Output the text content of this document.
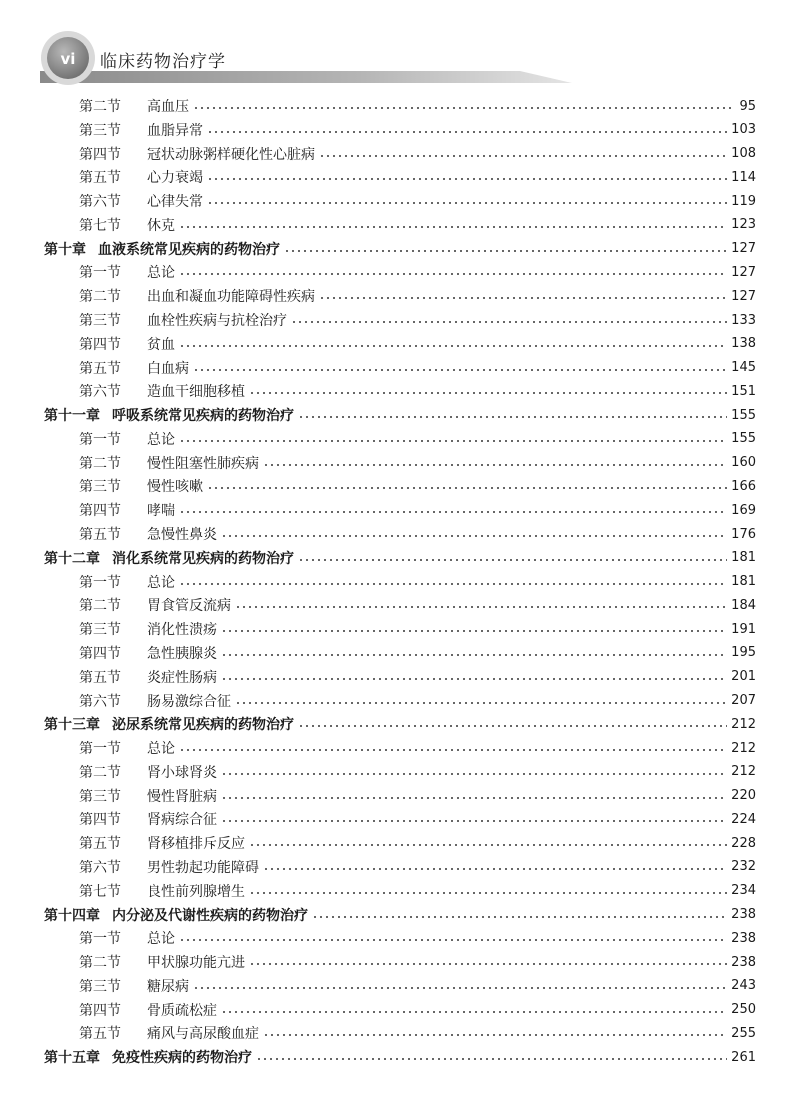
vi	临床药物治疗学
第二节	高血压	95
第三节	血脂异常	103
第四节	冠状动脉粥样硬化性心脏病	108
第五节	心力衰竭	114
第六节	心律失常	119
第七节	休克	123
第十章 血液系统常见疾病的药物治疗	127
第一节	总论	127
第二节	出血和凝血功能障碍性疾病	127
第三节	血栓性疾病与抗栓治疗	133
第四节	贫血	138
第五节	白血病	145
第六节	造血干细胞移植	151
第十一章 呼吸系统常见疾病的药物治疗	155
第一节	总论	155
第二节	慢性阻塞性肺疾病	160
第三节	慢性咳嗽	166
第四节	哮喘	169
第五节	急慢性鼻炎	176
第十二章 消化系统常见疾病的药物治疗	181
第一节	总论	181
第二节	胃食管反流病	184
第三节	消化性溃疡	191
第四节	急性胰腺炎	195
第五节	炎症性肠病	201
第六节	肠易激综合征	207
第十三章 泌尿系统常见疾病的药物治疗	212
第一节	总论	212
第二节	肾小球肾炎	212
第三节	慢性肾脏病	220
第四节	肾病综合征	224
第五节	肾移植排斥反应	228
第六节	男性勃起功能障碍	232
第七节	良性前列腺增生	234
第十四章 内分泌及代谢性疾病的药物治疗	238
第一节	总论	238
第二节	甲状腺功能亢进	238
第三节	糖尿病	243
第四节	骨质疏松症	250
第五节	痛风与高尿酸血症	255
第十五章 免疫性疾病的药物治疗	261
